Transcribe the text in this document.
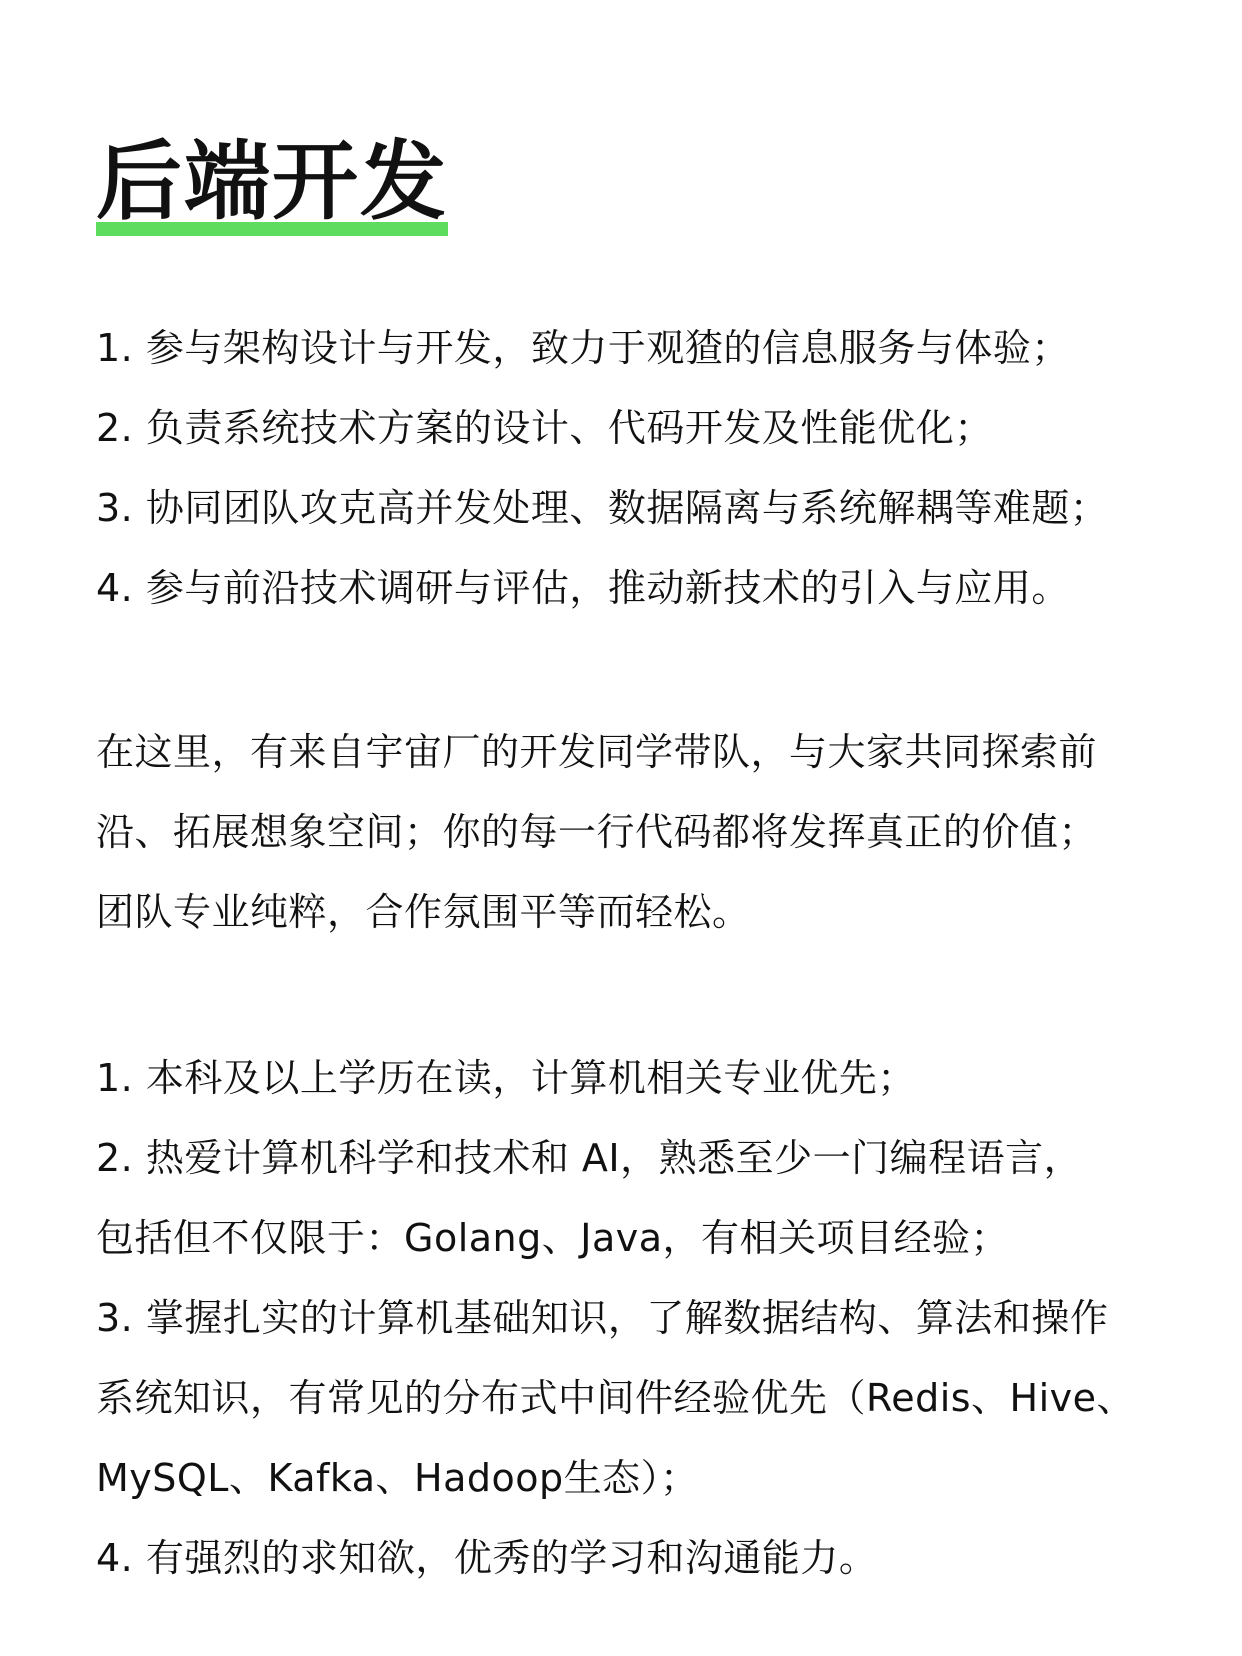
后端开发
1. 参与架构设计与开发，致力于观猹的信息服务与体验；
2. 负责系统技术方案的设计、代码开发及性能优化；
3. 协同团队攻克高并发处理、数据隔离与系统解耦等难题；
4. 参与前沿技术调研与评估，推动新技术的引入与应用。
在这里，有来自宇宙厂的开发同学带队，与大家共同探索前
沿、拓展想象空间；你的每一行代码都将发挥真正的价值；
团队专业纯粹，合作氛围平等而轻松。
1. 本科及以上学历在读，计算机相关专业优先；
2. 热爱计算机科学和技术和 AI，熟悉至少一门编程语言，
包括但不仅限于：Golang、Java，有相关项目经验；
3. 掌握扎实的计算机基础知识，了解数据结构、算法和操作
系统知识，有常见的分布式中间件经验优先（Redis、Hive、
MySQL、Kafka、Hadoop生态）；
4. 有强烈的求知欲，优秀的学习和沟通能力。
